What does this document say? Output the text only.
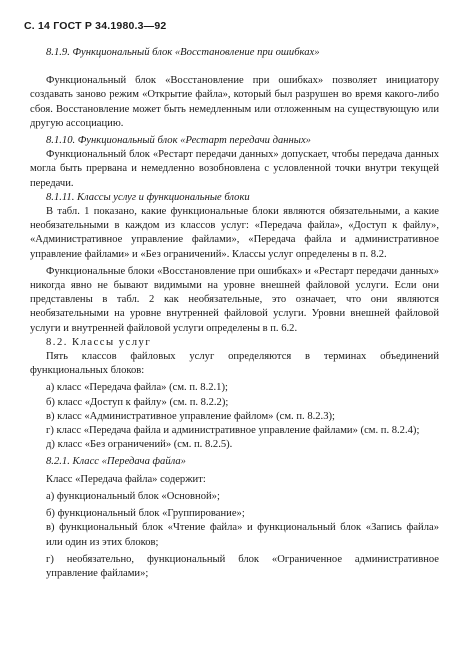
С. 14 ГОСТ Р 34.1980.3—92

8.1.9. Функциональный блок «Восстановление при ошибках»

Функциональный блок «Восстановление при ошибках» позволяет инициатору создавать заново режим «Открытие файла», который был разрушен во время какого-либо сбоя. Восстановление может быть немедленным или отложенным на существующую или другую ассоциацию.

8.1.10. Функциональный блок «Рестарт передачи данных»

Функциональный блок «Рестарт передачи данных» допускает, чтобы передача данных могла быть прервана и немедленно возобновлена с условленной точки внутри текущей передачи.

8.1.11. Классы услуг и функциональные блоки

В табл. 1 показано, какие функциональные блоки являются обязательными, а какие необязательными в каждом из классов услуг: «Передача файла», «Доступ к файлу», «Административное управление файлами», «Передача файла и административное управление файлами» и «Без ограничений». Классы услуг определены в п. 8.2.

Функциональные блоки «Восстановление при ошибках» и «Рестарт передачи данных» никогда явно не бывают видимыми на уровне внешней файловой услуги. Если они представлены в табл. 2 как необязательные, это означает, что они являются необязательными на уровне внутренней файловой услуги. Уровни внешней файловой услуги и внутренней файловой услуги определены в п. 6.2.

8.2. Классы услуг

Пять классов файловых услуг определяются в терминах объединений функциональных блоков:

а) класс «Передача файла» (см. п. 8.2.1);

б) класс «Доступ к файлу» (см. п. 8.2.2);

в) класс «Административное управление файлом» (см. п. 8.2.3);

г) класс «Передача файла и административное управление файлами» (см. п. 8.2.4);

д) класс «Без ограничений» (см. п. 8.2.5).

8.2.1. Класс «Передача файла»

Класс «Передача файла» содержит:

а) функциональный блок «Основной»;

б) функциональный блок «Группирование»;

в) функциональный блок «Чтение файла» и функциональный блок «Запись файла» или один из этих блоков;

г) необязательно, функциональный блок «Ограниченное административное управление файлами»;
